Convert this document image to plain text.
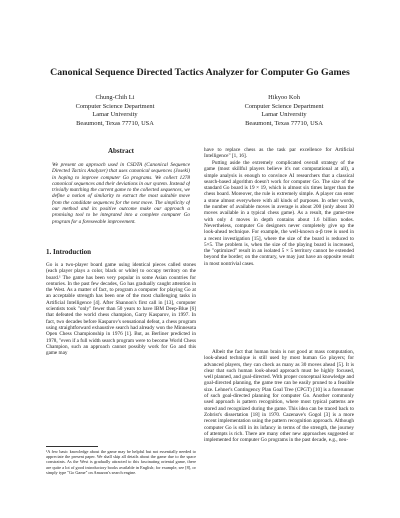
Canonical Sequence Directed Tactics Analyzer for Computer Go Games
Chung-Chih Li
Computer Science Department
Lamar University
Beaumont, Texas 77710, USA
Hikyoo Koh
Computer Science Department
Lamar University
Beaumont, Texas 77710, USA
Abstract

We present an approach used in CSDTA (Canonical Sequence Directed Tactics Analyzer) that uses canonical sequences (Joseki) in hoping to improve computer Go programs. We collect 1278 canonical sequences and their deviations in our system. Instead of trivially matching the current game to the collected sequences, we define a notion of similarity to extract the most suitable move from the candidate sequences for the next move. The simplicity of our method and its positive outcome make our approach a promising tool to be integrated into a complete computer Go program for a foreseeable improvement.

1. Introduction

Go is a two-player board game using identical pieces called stones (each player plays a color, black or white) to occupy territory on the board.¹ The game has been very popular in some Asian countries for centuries. In the past few decades, Go has gradually caught attention in the West. As a matter of fact, to program a computer for playing Go at an acceptable strength has been one of the most challenging tasks in Artificial Intelligence [4]. After Shannon's first call in [13], computer scientists took "only" fewer than 50 years to have IBM Deep-Blue [6] that defeated the world chess champion, Garry Kasparov, in 1997. In fact, two decades before Kasparov's sensational defeat, a chess program using straightforward exhaustive search had already won the Minnesota Open Chess Championship in 1976 [1]. But, as Berliner predicted in 1978, "even if a full width search program were to become World Chess Champion, such an approach cannot possibly work for Go and this game may

¹A few basic knowledge about the game may be helpful but not essentially needed to appreciate the present paper. We shall skip all details about the game due to the space constraints. As the West is gradually attracted to this fascinating oriental game, there are quite a lot of good introductory books available in English; for example, see [8], or simply type "Go Game" on Amazon's search engine.

have to replace chess as the task par excellence for Artificial Intelligence" [1, 16].

Putting aside the extremely complicated overall strategy of the game (most skillful players believe it's not computational at all), a simple analysis is enough to convince AI researchers that a classical search-based algorithm doesn't work for computer Go. The size of the standard Go board is 19 × 19, which is almost six times larger than the chess board. Moreover, the rule is extremely simple. A player can enter a stone almost everywhere with all kinds of purposes. In other words, the number of available moves in average is about 200 (only about 30 moves available in a typical chess game). As a result, the game-tree with only 4 moves in depth contains about 1.6 billion nodes. Nevertheless, computer Go designers never completely give up the look-ahead technique. For example, the well-known α-β tree is used in a recent investigation [15], where the size of the board is reduced to 5×5. The problem is, when the size of the playing board is increased, the "optimized" result in an isolated 5 × 5 territory cannot be extended beyond the border; on the contrary, we may just have an opposite result in most nontrivial cases.

Albeit the fact that human brain is not good at mass computation, look-ahead technique is still used by most human Go players; for advanced players, they can check as many as 30 moves ahead [5]. It is clear that such human look-ahead approach must be highly focused, well planned, and goal-directed. With proper conceptual knowledge and goal-directed planning, the game tree can be easily pruned to a feasible size. Lehner's Contingency Plan Goal Tree (CPGT) [10] is a forerunner of such goal-directed planning for computer Go. Another commonly used approach is pattern recognition, where most typical patterns are stored and recognized during the game. This idea can be traced back to Zobrist's dissertation [18] in 1970. Cazenave's Gogol [3] is a more recent implementation using the pattern recognition approach. Although computer Go is still in its infancy in terms of the strength, the journey of attempts is rich. There are many other new approaches suggested or implemented for computer Go programs in the past decade, e.g., neu-
